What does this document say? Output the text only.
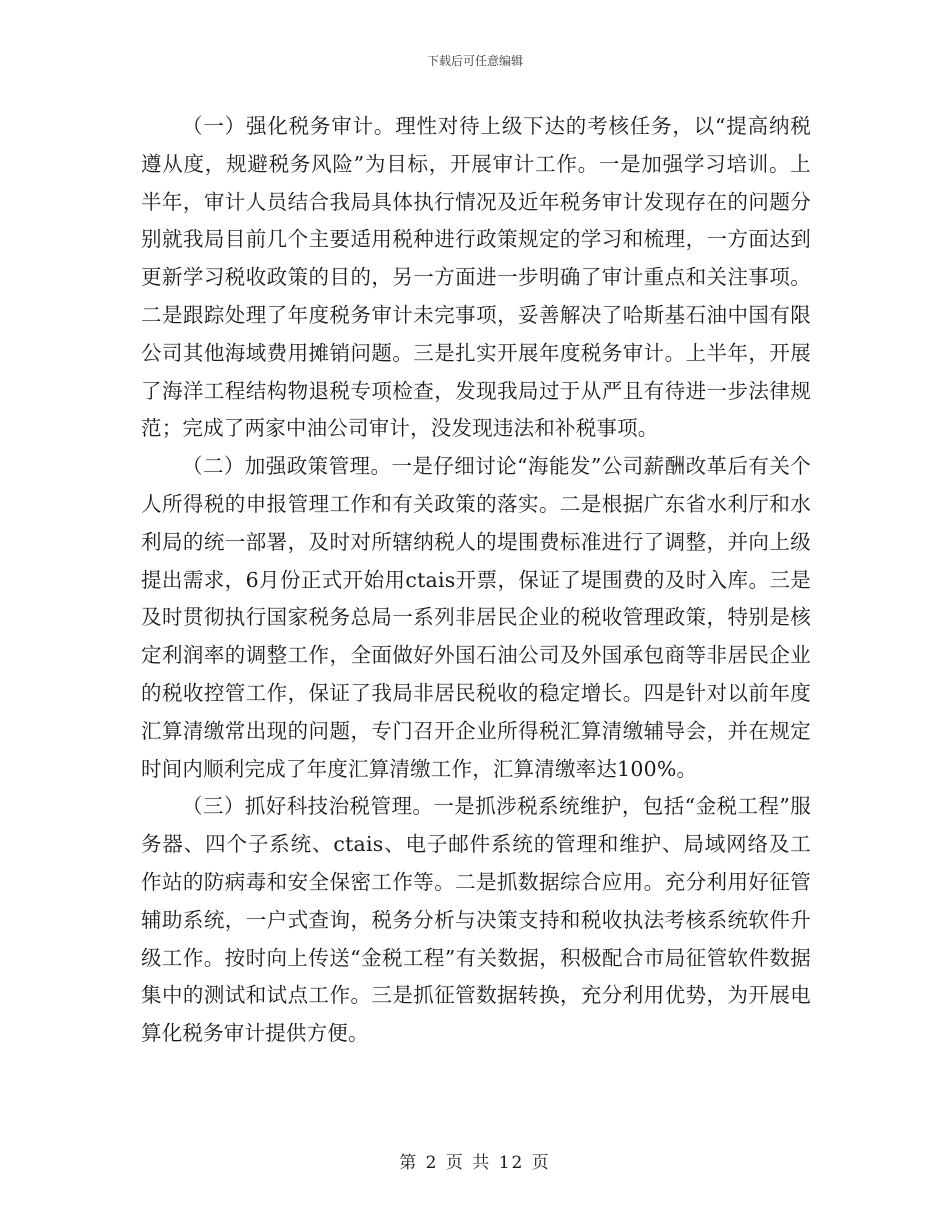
下载后可任意编辑

（一）强化税务审计。理性对待上级下达的考核任务，以“提高纳税遵从度，规避税务风险”为目标，开展审计工作。一是加强学习培训。上半年，审计人员结合我局具体执行情况及近年税务审计发现存在的问题分别就我局目前几个主要适用税种进行政策规定的学习和梳理，一方面达到更新学习税收政策的目的，另一方面进一步明确了审计重点和关注事项。二是跟踪处理了年度税务审计未完事项，妥善解决了哈斯基石油中国有限公司其他海域费用摊销问题。三是扎实开展年度税务审计。上半年，开展了海洋工程结构物退税专项检查，发现我局过于从严且有待进一步法律规范；完成了两家中油公司审计，没发现违法和补税事项。

（二）加强政策管理。一是仔细讨论“海能发”公司薪酬改革后有关个人所得税的申报管理工作和有关政策的落实。二是根据广东省水利厅和水利局的统一部署，及时对所辖纳税人的堤围费标准进行了调整，并向上级提出需求，6月份正式开始用ctais开票，保证了堤围费的及时入库。三是及时贯彻执行国家税务总局一系列非居民企业的税收管理政策，特别是核定利润率的调整工作，全面做好外国石油公司及外国承包商等非居民企业的税收控管工作，保证了我局非居民税收的稳定增长。四是针对以前年度汇算清缴常出现的问题，专门召开企业所得税汇算清缴辅导会，并在规定时间内顺利完成了年度汇算清缴工作，汇算清缴率达100%。

（三）抓好科技治税管理。一是抓涉税系统维护，包括“金税工程”服务器、四个子系统、ctais、电子邮件系统的管理和维护、局域网络及工作站的防病毒和安全保密工作等。二是抓数据综合应用。充分利用好征管辅助系统，一户式查询，税务分析与决策支持和税收执法考核系统软件升级工作。按时向上传送“金税工程”有关数据，积极配合市局征管软件数据集中的测试和试点工作。三是抓征管数据转换，充分利用优势，为开展电算化税务审计提供方便。

第 2 页 共 12 页
